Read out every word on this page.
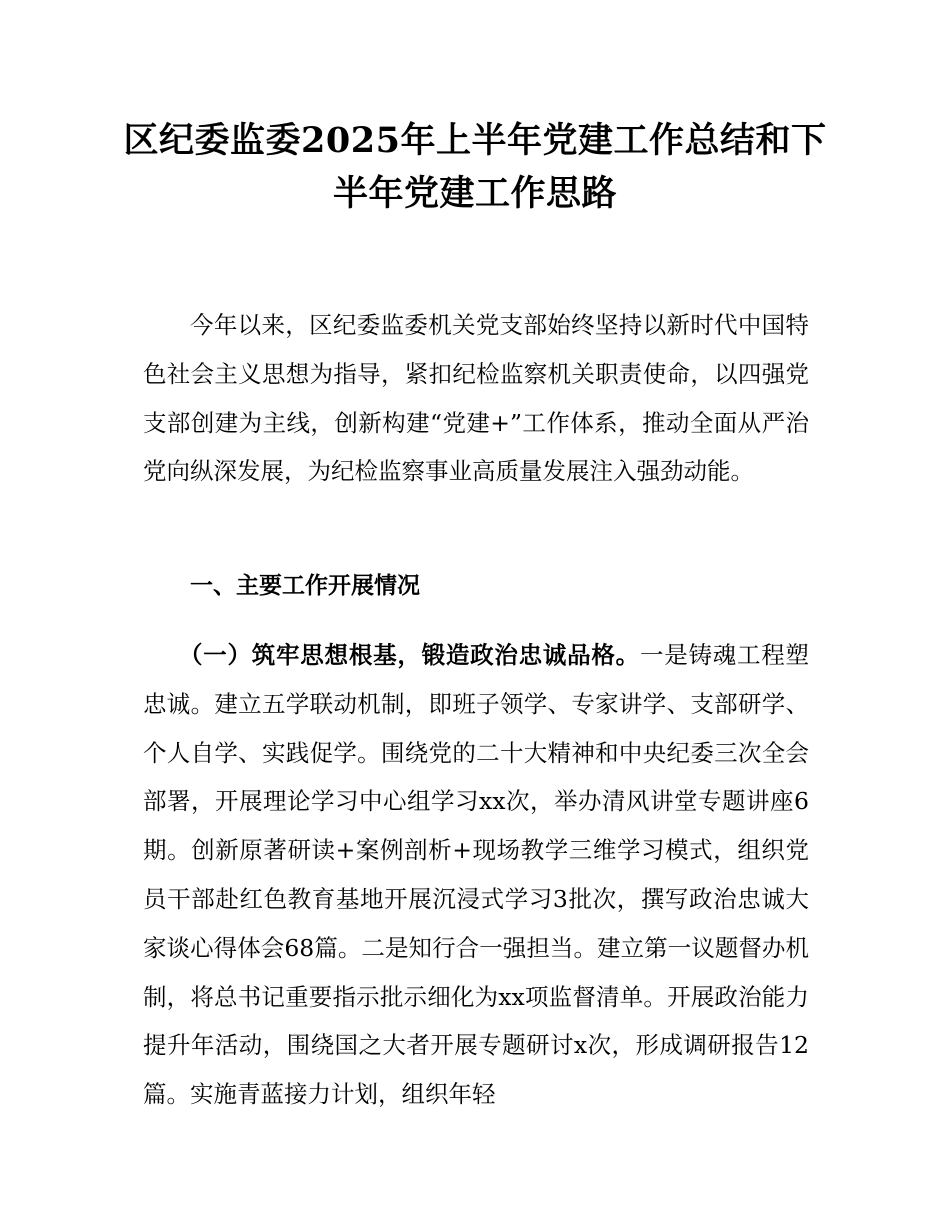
区纪委监委2025年上半年党建工作总结和下
半年党建工作思路

今年以来，区纪委监委机关党支部始终坚持以新时代中国特色社会主义思想为指导，紧扣纪检监察机关职责使命，以四强党支部创建为主线，创新构建“党建+”工作体系，推动全面从严治党向纵深发展，为纪检监察事业高质量发展注入强劲动能。

一、主要工作开展情况

（一）筑牢思想根基，锻造政治忠诚品格。一是铸魂工程塑忠诚。建立五学联动机制，即班子领学、专家讲学、支部研学、个人自学、实践促学。围绕党的二十大精神和中央纪委三次全会部署，开展理论学习中心组学习xx次，举办清风讲堂专题讲座6期。创新原著研读+案例剖析+现场教学三维学习模式，组织党员干部赴红色教育基地开展沉浸式学习3批次，撰写政治忠诚大家谈心得体会68篇。二是知行合一强担当。建立第一议题督办机制，将总书记重要指示批示细化为xx项监督清单。开展政治能力提升年活动，围绕国之大者开展专题研讨x次，形成调研报告12篇。实施青蓝接力计划，组织年轻
